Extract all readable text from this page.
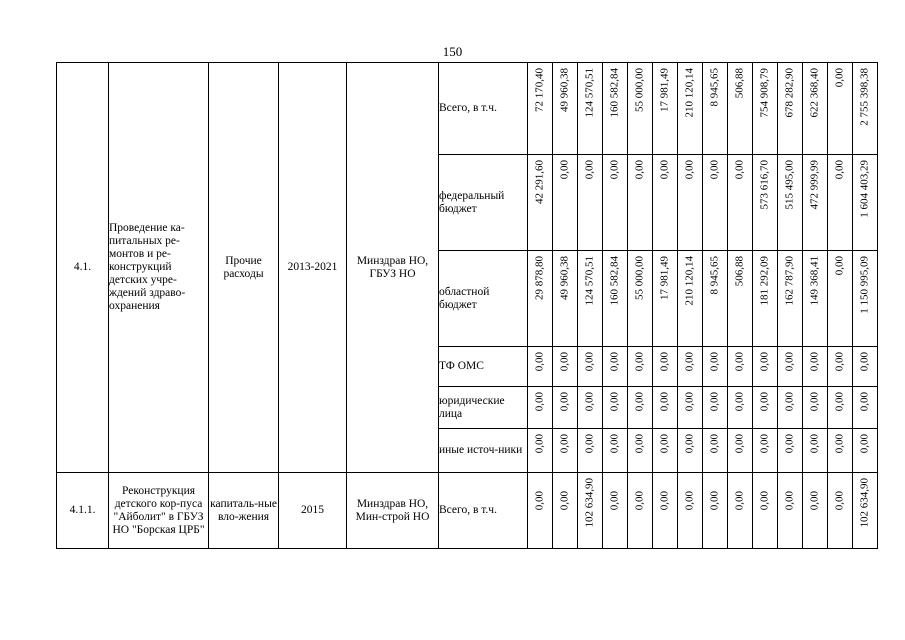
150
4.1.	Проведение ка-питальных ре-монтов и ре-конструкций детских учре-ждений здраво-охранения	Прочие расходы	2013-2021	Минздрав НО, ГБУЗ НО	Всего, в т.ч.	72 170,40	49 960,38	124 570,51	160 582,84	55 000,00	17 981,49	210 120,14	8 945,65	506,88	754 908,79	678 282,90	622 368,40	0,00	2 755 398,38

					федеральный бюджет	42 291,60	0,00	0,00	0,00	0,00	0,00	0,00	0,00	0,00	573 616,70	515 495,00	472 999,99	0,00	1 604 403,29

					областной бюджет	29 878,80	49 960,38	124 570,51	160 582,84	55 000,00	17 981,49	210 120,14	8 945,65	506,88	181 292,09	162 787,90	149 368,41	0,00	1 150 995,09

					ТФ ОМС	0,00	0,00	0,00	0,00	0,00	0,00	0,00	0,00	0,00	0,00	0,00	0,00	0,00	0,00

					юридические лица	0,00	0,00	0,00	0,00	0,00	0,00	0,00	0,00	0,00	0,00	0,00	0,00	0,00	0,00

					иные источ-ники	0,00	0,00	0,00	0,00	0,00	0,00	0,00	0,00	0,00	0,00	0,00	0,00	0,00	0,00

4.1.1.	Реконструкция детского кор-пуса "Айболит" в ГБУЗ НО "Борская ЦРБ"	капиталь-ные вло-жения	2015	Минздрав НО, Мин-строй НО	Всего, в т.ч.	0,00	0,00	102 634,90	0,00	0,00	0,00	0,00	0,00	0,00	0,00	0,00	0,00	0,00	102 634,90
